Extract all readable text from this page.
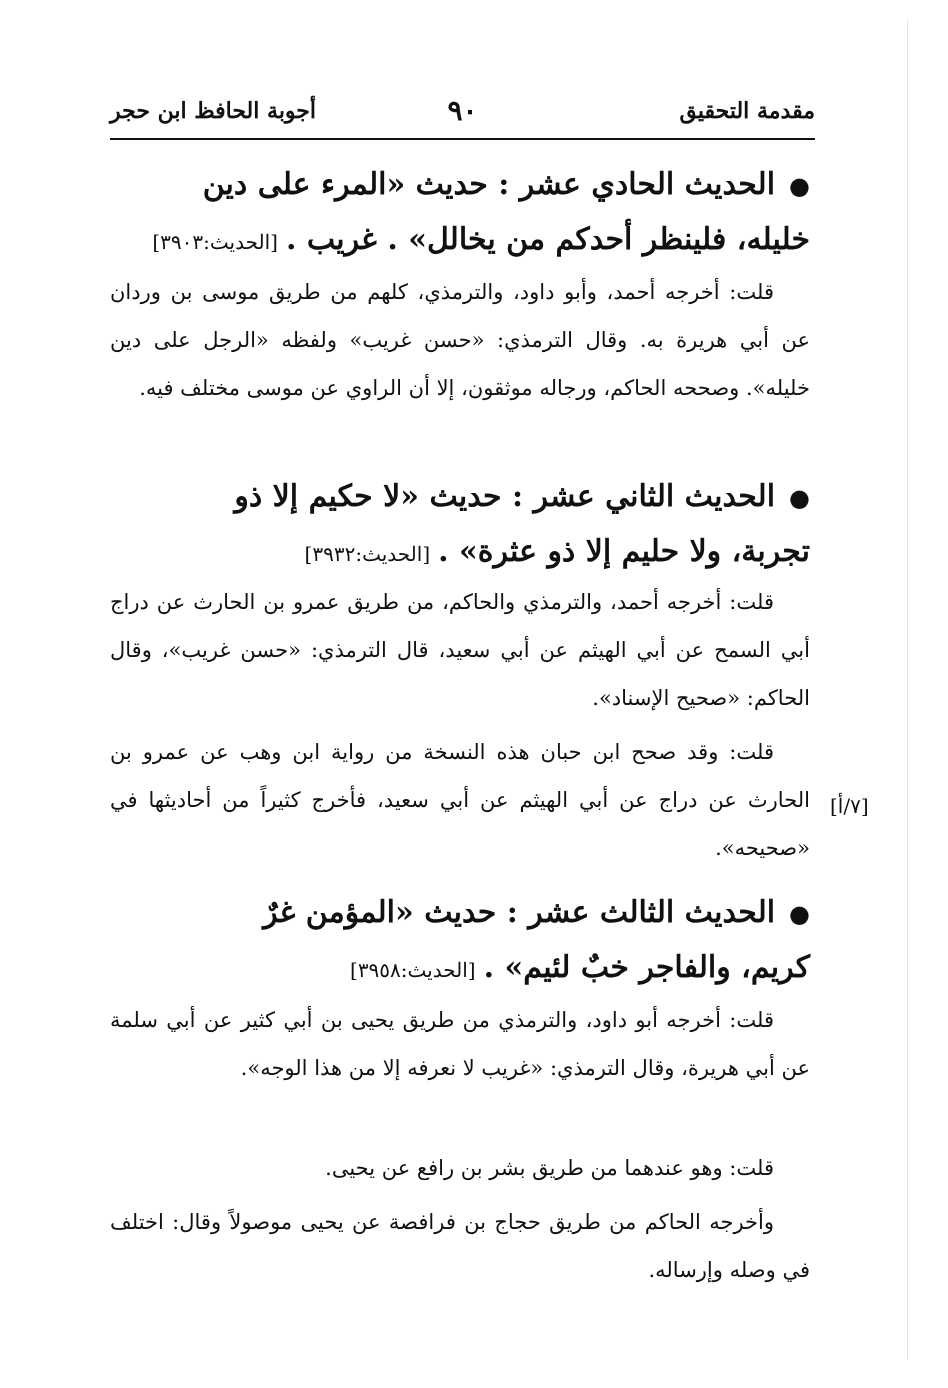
مقدمة التحقيق
٩٠
أجوبة الحافظ ابن حجر
●الحديث الحادي عشر : حديث «المرء على دين
خليله، فلينظر أحدكم من يخالل» . غريب .[الحديث:٣٩٠٣]
قلت: أخرجه أحمد، وأبو داود، والترمذي، كلهم من طريق موسى بن وردان عن أبي هريرة به. وقال الترمذي: «حسن غريب» ولفظه «الرجل على دين خليله». وصححه الحاكم، ورجاله موثقون، إلا أن الراوي عن موسى مختلف فيه.
●الحديث الثاني عشر : حديث «لا حكيم إلا ذو
تجربة، ولا حليم إلا ذو عثرة» .[الحديث:٣٩٣٢]
قلت: أخرجه أحمد، والترمذي والحاكم، من طريق عمرو بن الحارث عن دراج أبي السمح عن أبي الهيثم عن أبي سعيد، قال الترمذي: «حسن غريب»، وقال الحاكم: «صحيح الإسناد».
قلت: وقد صحح ابن حبان هذه النسخة من رواية ابن وهب عن عمرو بن الحارث عن دراج عن أبي الهيثم عن أبي سعيد، فأخرج كثيراً من أحاديثها في «صحيحه».
[٧/أ]
●الحديث الثالث عشر : حديث «المؤمن غرٌ
كريم، والفاجر خبٌ لئيم» .[الحديث:٣٩٥٨]
قلت: أخرجه أبو داود، والترمذي من طريق يحيى بن أبي كثير عن أبي سلمة عن أبي هريرة، وقال الترمذي: «غريب لا نعرفه إلا من هذا الوجه».
قلت: وهو عندهما من طريق بشر بن رافع عن يحيى.
وأخرجه الحاكم من طريق حجاج بن فرافصة عن يحيى موصولاً وقال: اختلف في وصله وإرساله.
